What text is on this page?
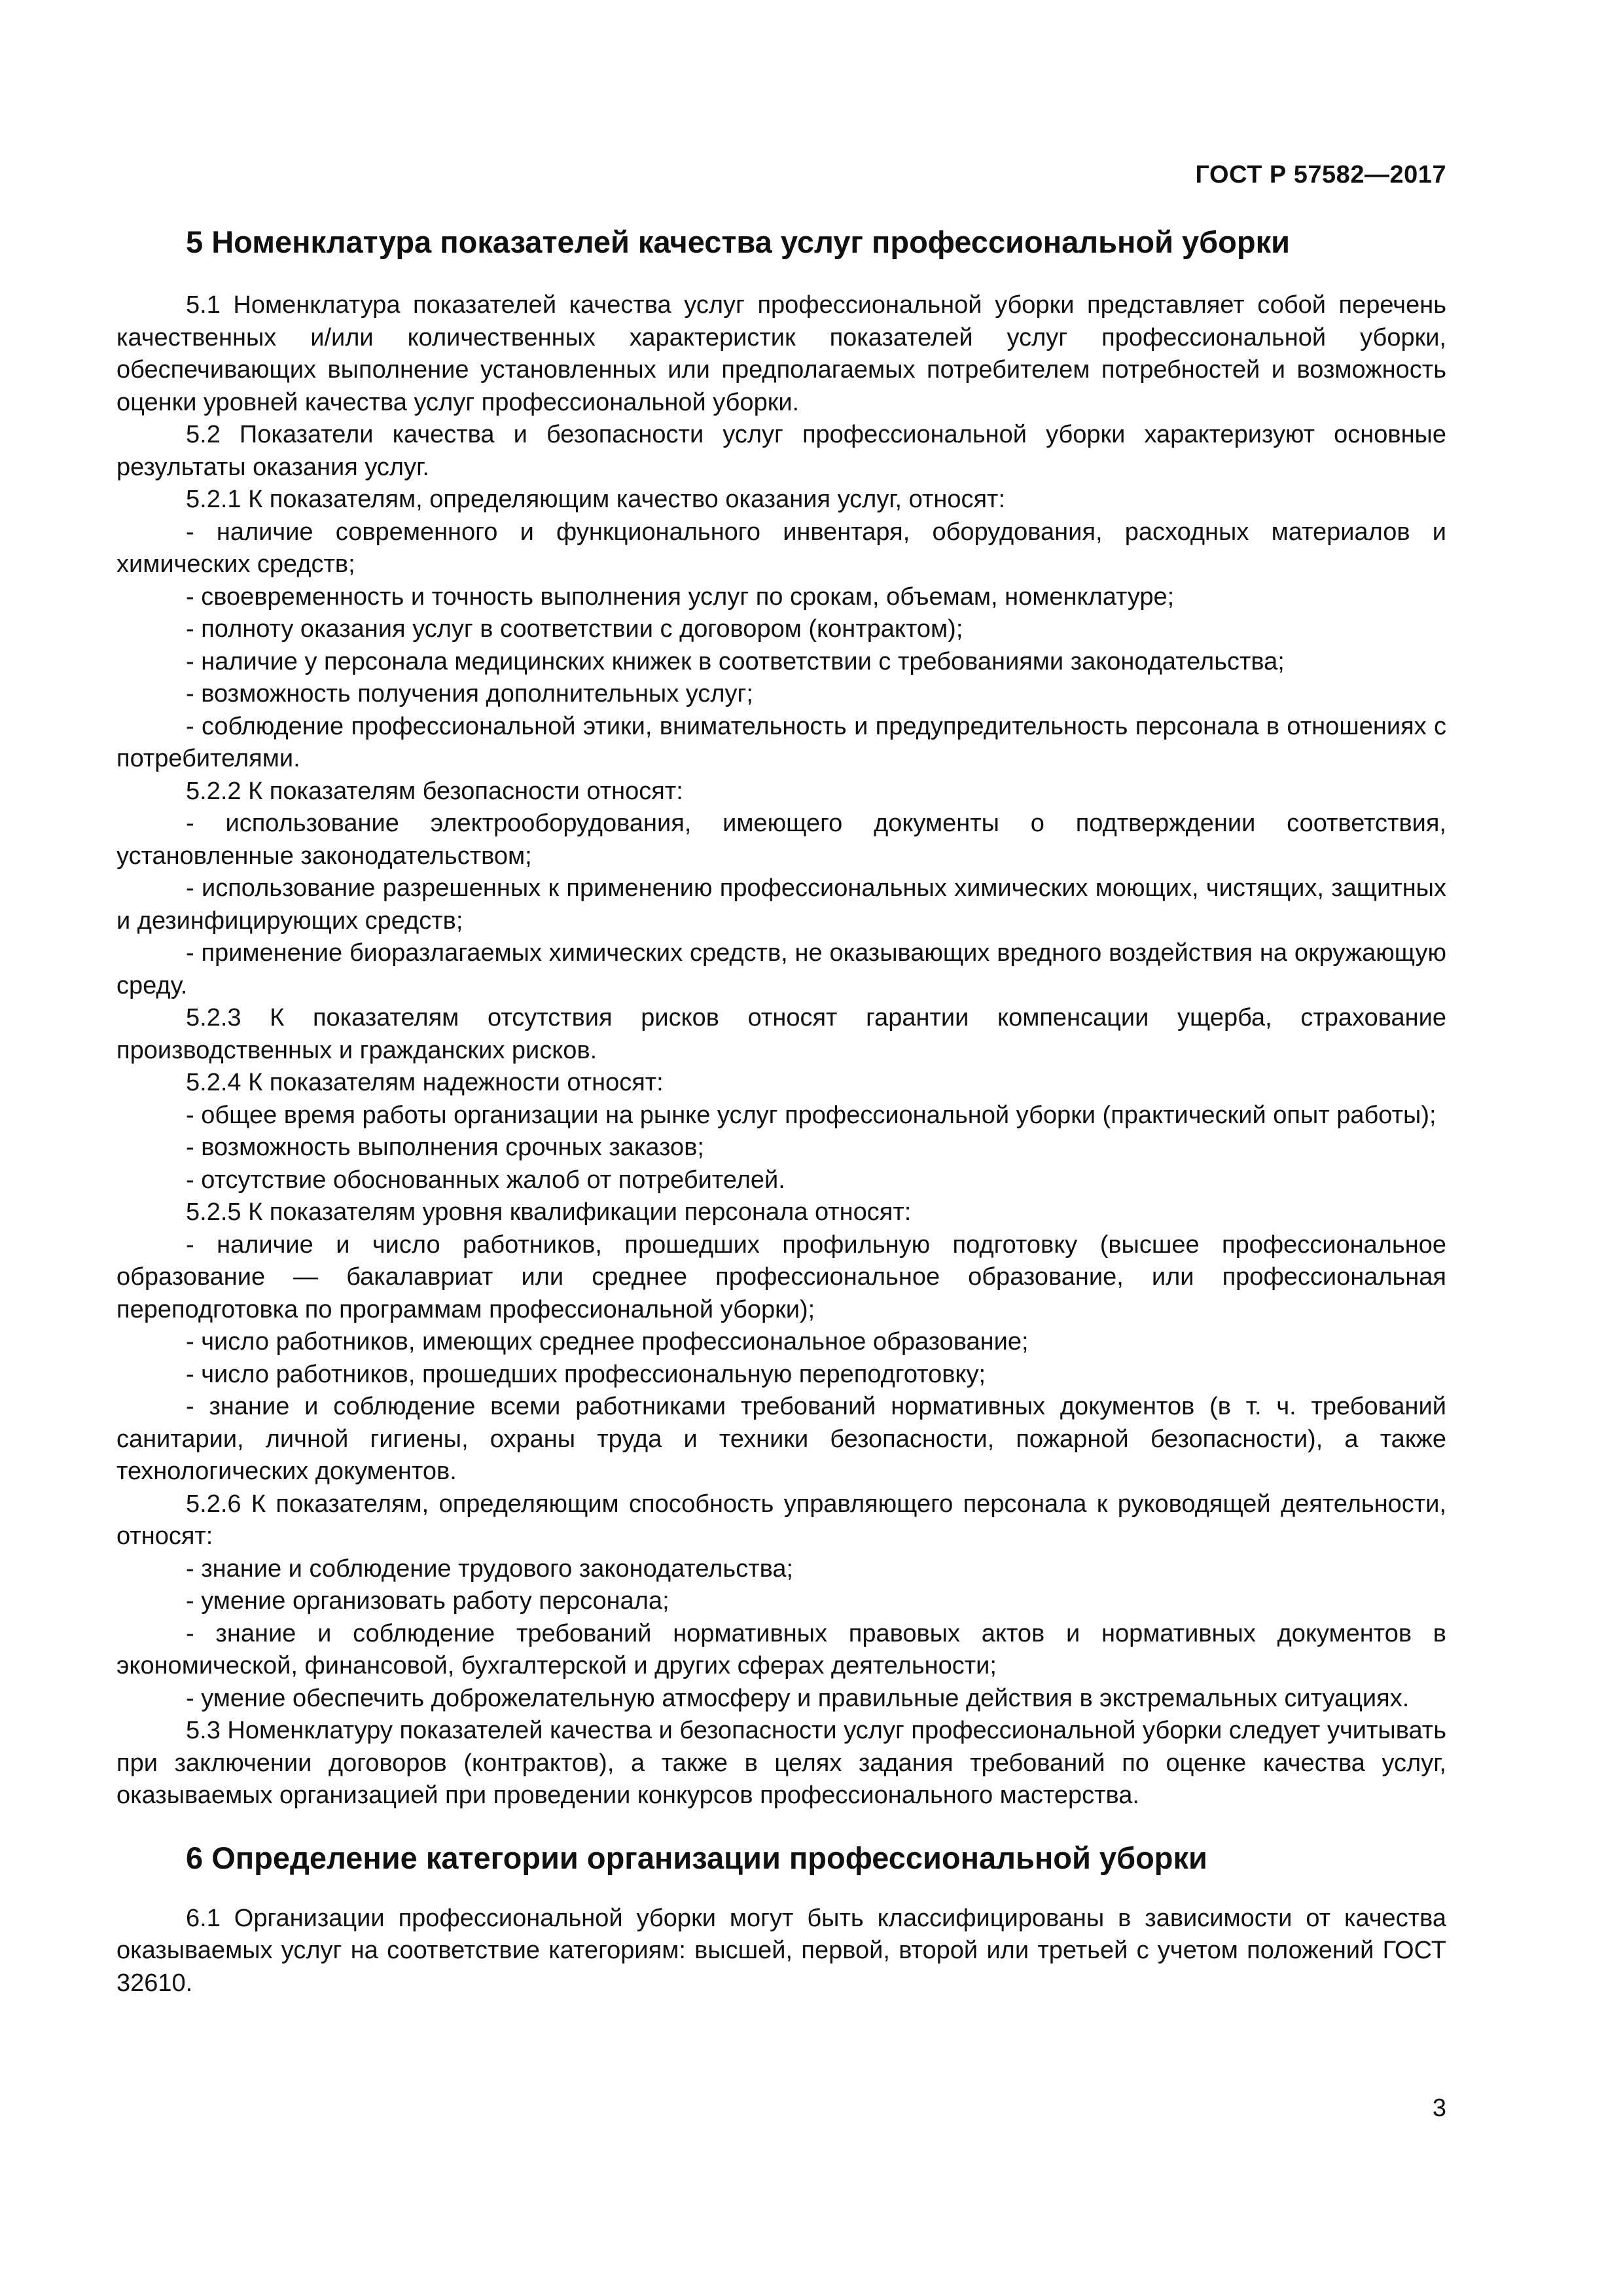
ГОСТ Р 57582—2017
5 Номенклатура показателей качества услуг профессиональной уборки

5.1 Номенклатура показателей качества услуг профессиональной уборки представляет собой перечень качественных и/или количественных характеристик показателей услуг профессиональной уборки, обеспечивающих выполнение установленных или предполагаемых потребителем потребностей и возможность оценки уровней качества услуг профессиональной уборки.

5.2 Показатели качества и безопасности услуг профессиональной уборки характеризуют основные результаты оказания услуг.

5.2.1 К показателям, определяющим качество оказания услуг, относят:

- наличие современного и функционального инвентаря, оборудования, расходных материалов и химических средств;

- своевременность и точность выполнения услуг по срокам, объемам, номенклатуре;

- полноту оказания услуг в соответствии с договором (контрактом);

- наличие у персонала медицинских книжек в соответствии с требованиями законодательства;

- возможность получения дополнительных услуг;

- соблюдение профессиональной этики, внимательность и предупредительность персонала в отношениях с потребителями.

5.2.2 К показателям безопасности относят:

- использование электрооборудования, имеющего документы о подтверждении соответствия, установленные законодательством;

- использование разрешенных к применению профессиональных химических моющих, чистящих, защитных и дезинфицирующих средств;

- применение биоразлагаемых химических средств, не оказывающих вредного воздействия на окружающую среду.

5.2.3 К показателям отсутствия рисков относят гарантии компенсации ущерба, страхование производственных и гражданских рисков.

5.2.4 К показателям надежности относят:

- общее время работы организации на рынке услуг профессиональной уборки (практический опыт работы);

- возможность выполнения срочных заказов;

- отсутствие обоснованных жалоб от потребителей.

5.2.5 К показателям уровня квалификации персонала относят:

- наличие и число работников, прошедших профильную подготовку (высшее профессиональное образование — бакалавриат или среднее профессиональное образование, или профессиональная переподготовка по программам профессиональной уборки);

- число работников, имеющих среднее профессиональное образование;

- число работников, прошедших профессиональную переподготовку;

- знание и соблюдение всеми работниками требований нормативных документов (в т. ч. требований санитарии, личной гигиены, охраны труда и техники безопасности, пожарной безопасности), а также технологических документов.

5.2.6 К показателям, определяющим способность управляющего персонала к руководящей деятельности, относят:

- знание и соблюдение трудового законодательства;

- умение организовать работу персонала;

- знание и соблюдение требований нормативных правовых актов и нормативных документов в экономической, финансовой, бухгалтерской и других сферах деятельности;

- умение обеспечить доброжелательную атмосферу и правильные действия в экстремальных ситуациях.

5.3 Номенклатуру показателей качества и безопасности услуг профессиональной уборки следует учитывать при заключении договоров (контрактов), а также в целях задания требований по оценке качества услуг, оказываемых организацией при проведении конкурсов профессионального мастерства.

6 Определение категории организации профессиональной уборки

6.1 Организации профессиональной уборки могут быть классифицированы в зависимости от качества оказываемых услуг на соответствие категориям: высшей, первой, второй или третьей с учетом положений ГОСТ 32610.

3
